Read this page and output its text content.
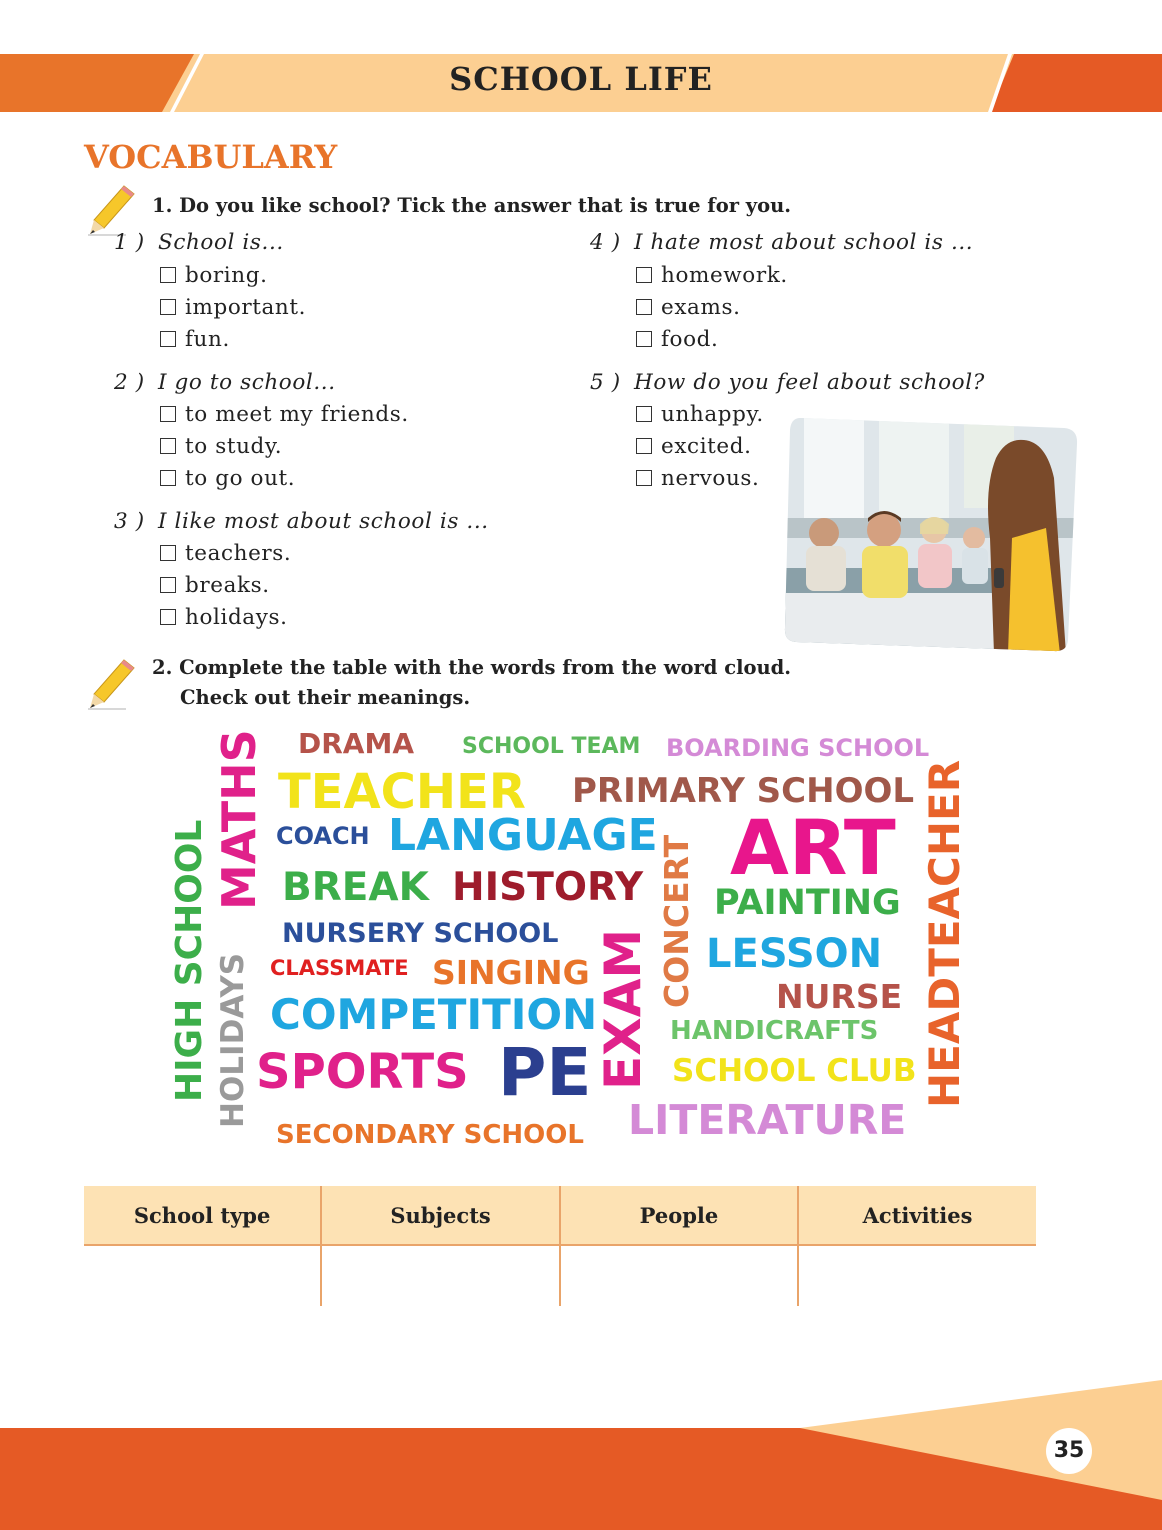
SCHOOL LIFE
VOCABULARY
1. Do you like school? Tick the answer that is true for you.
1 ) School is...
boring.
important.
fun.
2 ) I go to school...
to meet my friends.
to study.
to go out.
3 ) I like most about school is ...
teachers.
breaks.
holidays.
4 ) I hate most about school is ...
homework.
exams.
food.
5 ) How do you feel about school?
unhappy.
excited.
nervous.
2. Complete the table with the words from the word cloud.
Check out their meanings.
DRAMA SCHOOL TEAM BOARDING SCHOOL
MATHS TEACHER PRIMARY SCHOOL HEADTEACHER
COACH LANGUAGE CONCERT ART
HIGH SCHOOL BREAK HISTORY PAINTING
NURSERY SCHOOL
HOLIDAYS CLASSMATE SINGING EXAM LESSON
NURSE
COMPETITION	HANDICRAFTS
SPORTS PE	SCHOOL CLUB
SECONDARY SCHOOL LITERATURE
School type	Subjects	People	Activities

35
